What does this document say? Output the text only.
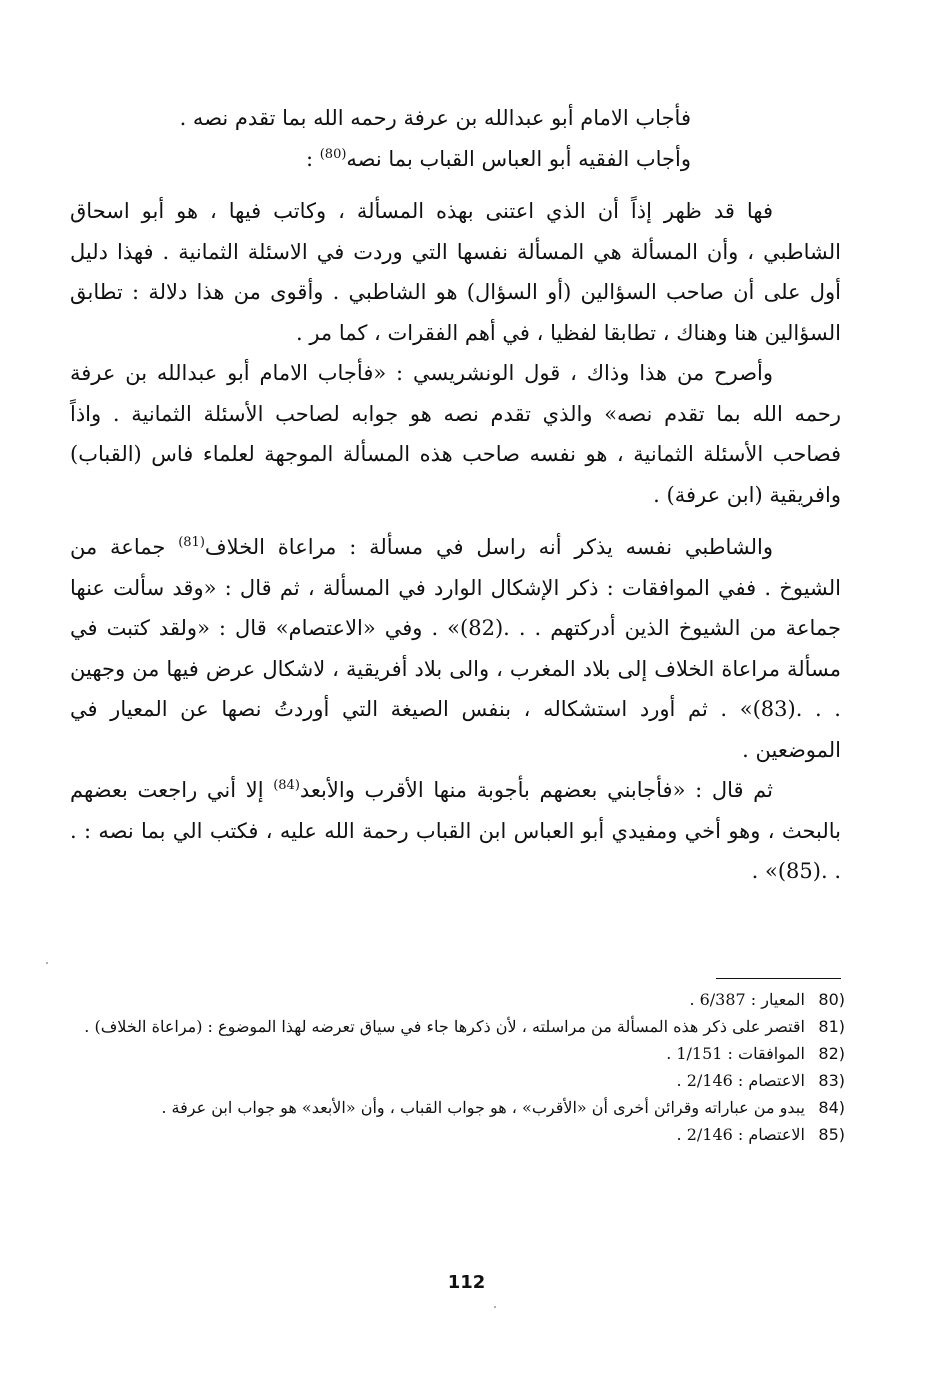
فأجاب الامام أبو عبدالله بن عرفة رحمه الله بما تقدم نصه .

وأجاب الفقيه أبو العباس القباب بما نصه$^{(80)}$ :

فها قد ظهر إذاً أن الذي اعتنى بهذه المسألة ، وكاتب فيها ، هو أبو اسحاق الشاطبي ، وأن المسألة هي المسألة نفسها التي وردت في الاسئلة الثمانية . فهذا دليل أول على أن صاحب السؤالين (أو السؤال) هو الشاطبي . وأقوى من هذا دلالة : تطابق السؤالين هنا وهناك ، تطابقا لفظيا ، في أهم الفقرات ، كما مر .

وأصرح من هذا وذاك ، قول الونشريسي : «فأجاب الامام أبو عبدالله بن عرفة رحمه الله بما تقدم نصه» والذي تقدم نصه هو جوابه لصاحب الأسئلة الثمانية . واذاً فصاحب الأسئلة الثمانية ، هو نفسه صاحب هذه المسألة الموجهة لعلماء فاس (القباب) وافريقية (ابن عرفة) .

والشاطبي نفسه يذكر أنه راسل في مسألة : مراعاة الخلاف$^{(81)}$ جماعة من الشيوخ . ففي الموافقات : ذكر الإشكال الوارد في المسألة ، ثم قال : «وقد سألت عنها جماعة من الشيوخ الذين أدركتهم . . .(82)» . وفي «الاعتصام» قال : «ولقد كتبت في مسألة مراعاة الخلاف إلى بلاد المغرب ، والى بلاد أفريقية ، لاشكال عرض فيها من وجهين . . .(83)» . ثم أورد استشكاله ، بنفس الصيغة التي أوردتُ نصها عن المعيار في الموضعين .

ثم قال : «فأجابني بعضهم بأجوبة منها الأقرب والأبعد$^{(84)}$ إلا أني راجعت بعضهم بالبحث ، وهو أخي ومفيدي أبو العباس ابن القباب رحمة الله عليه ، فكتب الي بما نصه : . . .(85)» .

80)
المعيار : 6/387 .
81)
اقتصر على ذكر هذه المسألة من مراسلته ، لأن ذكرها جاء في سياق تعرضه لهذا الموضوع : (مراعاة الخلاف) .
82)
الموافقات : 1/151 .
83)
الاعتصام : 2/146 .
84)
يبدو من عباراته وقرائن أخرى أن «الأقرب» ، هو جواب القباب ، وأن «الأبعد» هو جواب ابن عرفة .
85)
الاعتصام : 2/146 .
112
